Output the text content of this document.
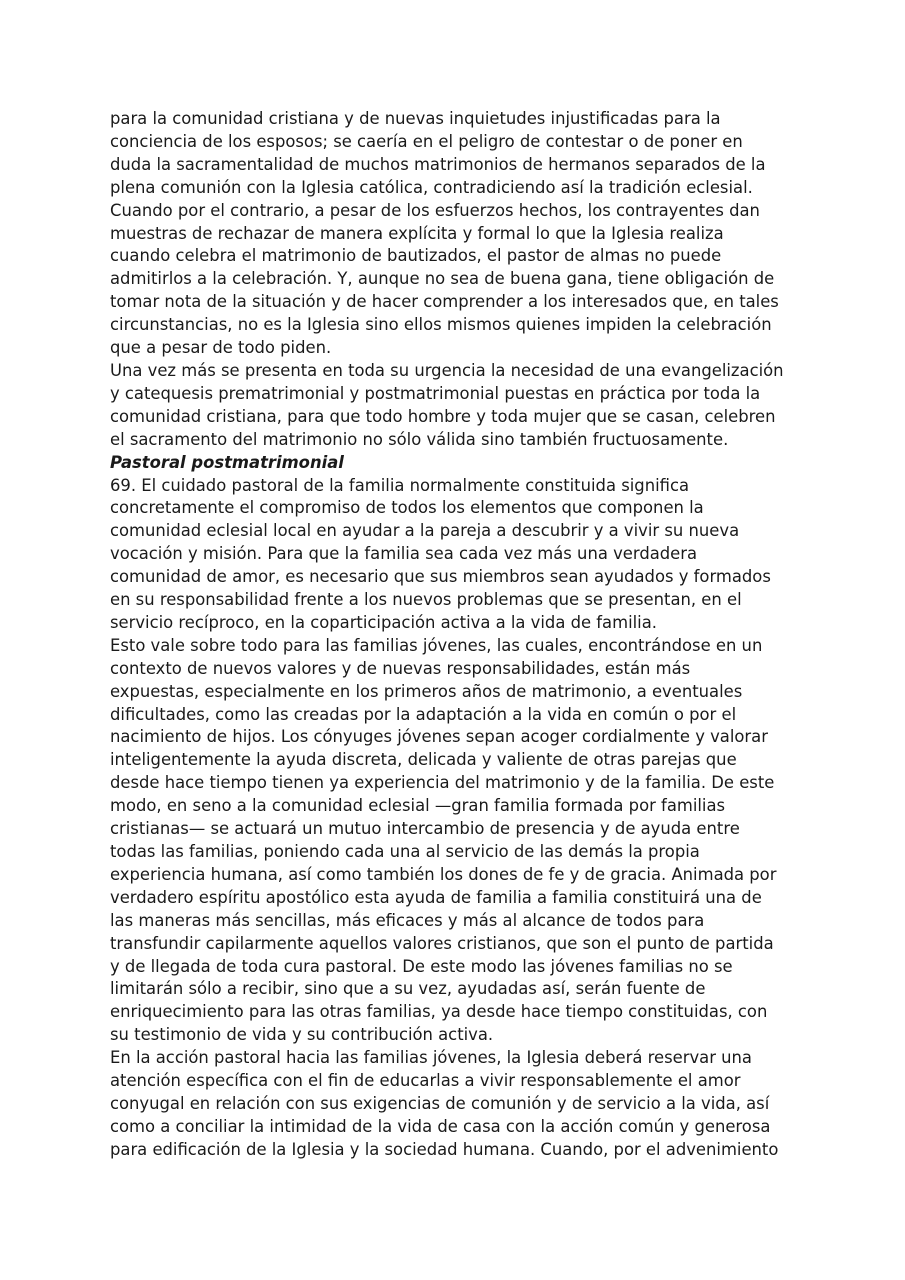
para la comunidad cristiana y de nuevas inquietudes injustificadas para la
conciencia de los esposos; se caería en el peligro de contestar o de poner en
duda la sacramentalidad de muchos matrimonios de hermanos separados de la
plena comunión con la Iglesia católica, contradiciendo así la tradición eclesial.
Cuando por el contrario, a pesar de los esfuerzos hechos, los contrayentes dan
muestras de rechazar de manera explícita y formal lo que la Iglesia realiza
cuando celebra el matrimonio de bautizados, el pastor de almas no puede
admitirlos a la celebración. Y, aunque no sea de buena gana, tiene obligación de
tomar nota de la situación y de hacer comprender a los interesados que, en tales
circunstancias, no es la Iglesia sino ellos mismos quienes impiden la celebración
que a pesar de todo piden.
Una vez más se presenta en toda su urgencia la necesidad de una evangelización
y catequesis prematrimonial y postmatrimonial puestas en práctica por toda la
comunidad cristiana, para que todo hombre y toda mujer que se casan, celebren
el sacramento del matrimonio no sólo válida sino también fructuosamente.
Pastoral postmatrimonial
69. El cuidado pastoral de la familia normalmente constituida significa
concretamente el compromiso de todos los elementos que componen la
comunidad eclesial local en ayudar a la pareja a descubrir y a vivir su nueva
vocación y misión. Para que la familia sea cada vez más una verdadera
comunidad de amor, es necesario que sus miembros sean ayudados y formados
en su responsabilidad frente a los nuevos problemas que se presentan, en el
servicio recíproco, en la coparticipación activa a la vida de familia.
Esto vale sobre todo para las familias jóvenes, las cuales, encontrándose en un
contexto de nuevos valores y de nuevas responsabilidades, están más
expuestas, especialmente en los primeros años de matrimonio, a eventuales
dificultades, como las creadas por la adaptación a la vida en común o por el
nacimiento de hijos. Los cónyuges jóvenes sepan acoger cordialmente y valorar
inteligentemente la ayuda discreta, delicada y valiente de otras parejas que
desde hace tiempo tienen ya experiencia del matrimonio y de la familia. De este
modo, en seno a la comunidad eclesial —gran familia formada por familias
cristianas— se actuará un mutuo intercambio de presencia y de ayuda entre
todas las familias, poniendo cada una al servicio de las demás la propia
experiencia humana, así como también los dones de fe y de gracia. Animada por
verdadero espíritu apostólico esta ayuda de familia a familia constituirá una de
las maneras más sencillas, más eficaces y más al alcance de todos para
transfundir capilarmente aquellos valores cristianos, que son el punto de partida
y de llegada de toda cura pastoral. De este modo las jóvenes familias no se
limitarán sólo a recibir, sino que a su vez, ayudadas así, serán fuente de
enriquecimiento para las otras familias, ya desde hace tiempo constituidas, con
su testimonio de vida y su contribución activa.
En la acción pastoral hacia las familias jóvenes, la Iglesia deberá reservar una
atención específica con el fin de educarlas a vivir responsablemente el amor
conyugal en relación con sus exigencias de comunión y de servicio a la vida, así
como a conciliar la intimidad de la vida de casa con la acción común y generosa
para edificación de la Iglesia y la sociedad humana. Cuando, por el advenimiento
